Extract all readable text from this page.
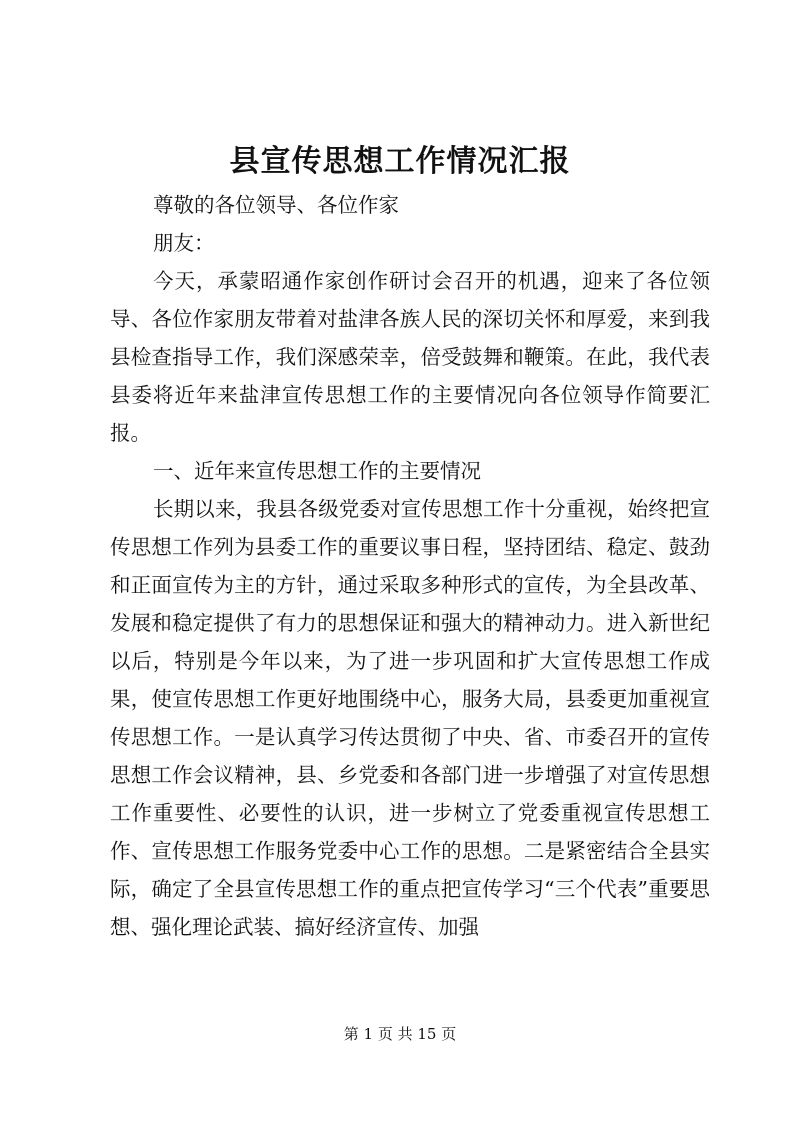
县宣传思想工作情况汇报

尊敬的各位领导、各位作家

朋友：

今天，承蒙昭通作家创作研讨会召开的机遇，迎来了各位领导、各位作家朋友带着对盐津各族人民的深切关怀和厚爱，来到我县检查指导工作，我们深感荣幸，倍受鼓舞和鞭策。在此，我代表县委将近年来盐津宣传思想工作的主要情况向各位领导作简要汇报。

一、近年来宣传思想工作的主要情况

长期以来，我县各级党委对宣传思想工作十分重视，始终把宣传思想工作列为县委工作的重要议事日程，坚持团结、稳定、鼓劲和正面宣传为主的方针，通过采取多种形式的宣传，为全县改革、发展和稳定提供了有力的思想保证和强大的精神动力。进入新世纪以后，特别是今年以来，为了进一步巩固和扩大宣传思想工作成果，使宣传思想工作更好地围绕中心，服务大局，县委更加重视宣传思想工作。一是认真学习传达贯彻了中央、省、市委召开的宣传思想工作会议精神，县、乡党委和各部门进一步增强了对宣传思想工作重要性、必要性的认识，进一步树立了党委重视宣传思想工作、宣传思想工作服务党委中心工作的思想。二是紧密结合全县实际，确定了全县宣传思想工作的重点把宣传学习“三个代表”重要思想、强化理论武装、搞好经济宣传、加强

第 1 页 共 15 页
